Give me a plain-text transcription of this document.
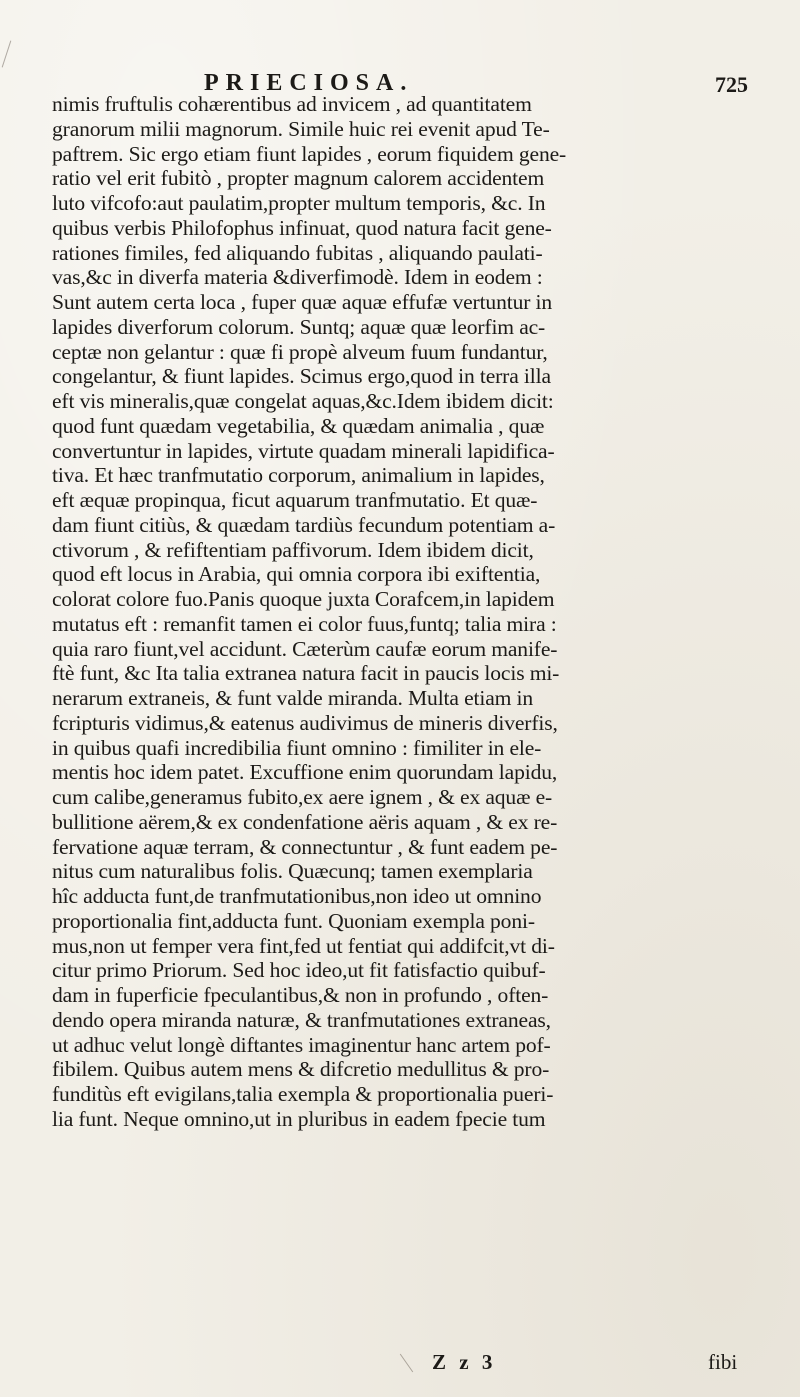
PRIECIOSA.	725
nimis fruftulis cohærentibus ad invicem , ad quantitatem
granorum milii magnorum. Simile huic rei evenit apud Te-
paftrem. Sic ergo etiam fiunt lapides , eorum fiquidem gene-
ratio vel erit fubitò , propter magnum calorem accidentem
luto vifcofo:aut paulatim,propter multum temporis, &c. In
quibus verbis Philofophus infinuat, quod natura facit gene-
rationes fimiles, fed aliquando fubitas , aliquando paulati-
vas,&c in diverfa materia &diverfimodè. Idem in eodem :
Sunt autem certa loca , fuper quæ aquæ effufæ vertuntur in
lapides diverforum colorum. Suntq; aquæ quæ leorfim ac-
ceptæ non gelantur : quæ fi propè alveum fuum fundantur,
congelantur, & fiunt lapides. Scimus ergo,quod in terra illa
eft vis mineralis,quæ congelat aquas,&c.Idem ibidem dicit:
quod funt quædam vegetabilia, & quædam animalia , quæ
convertuntur in lapides, virtute quadam minerali lapidifica-
tiva. Et hæc tranfmutatio corporum, animalium in lapides,
eft æquæ propinqua, ficut aquarum tranfmutatio. Et quæ-
dam fiunt citiùs, & quædam tardiùs fecundum potentiam a-
ctivorum , & refiftentiam paffivorum. Idem ibidem dicit,
quod eft locus in Arabia, qui omnia corpora ibi exiftentia,
colorat colore fuo.Panis quoque juxta Corafcem,in lapidem
mutatus eft : remanfit tamen ei color fuus,funtq; talia mira :
quia raro fiunt,vel accidunt. Cæterùm caufæ eorum manife-
ftè funt, &c Ita talia extranea natura facit in paucis locis mi-
nerarum extraneis, & funt valde miranda. Multa etiam in
fcripturis vidimus,& eatenus audivimus de mineris diverfis,
in quibus quafi incredibilia fiunt omnino : fimiliter in ele-
mentis hoc idem patet. Excuffione enim quorundam lapidu,
cum calibe,generamus fubito,ex aere ignem , & ex aquæ e-
bullitione aërem,& ex condenfatione aëris aquam , & ex re-
fervatione aquæ terram, & connectuntur , & funt eadem pe-
nitus cum naturalibus folis. Quæcunq; tamen exemplaria
hîc adducta funt,de tranfmutationibus,non ideo ut omnino
proportionalia fint,adducta funt. Quoniam exempla poni-
mus,non ut femper vera fint,fed ut fentiat qui addifcit,vt di-
citur primo Priorum. Sed hoc ideo,ut fit fatisfactio quibuf-
dam in fuperficie fpeculantibus,& non in profundo , often-
dendo opera miranda naturæ, & tranfmutationes extraneas,
ut adhuc velut longè diftantes imaginentur hanc artem pof-
fibilem. Quibus autem mens & difcretio medullitus & pro-
funditùs eft evigilans,talia exempla & proportionalia pueri-
lia funt. Neque omnino,ut in pluribus in eadem fpecie tum
Z z 3	fibi
